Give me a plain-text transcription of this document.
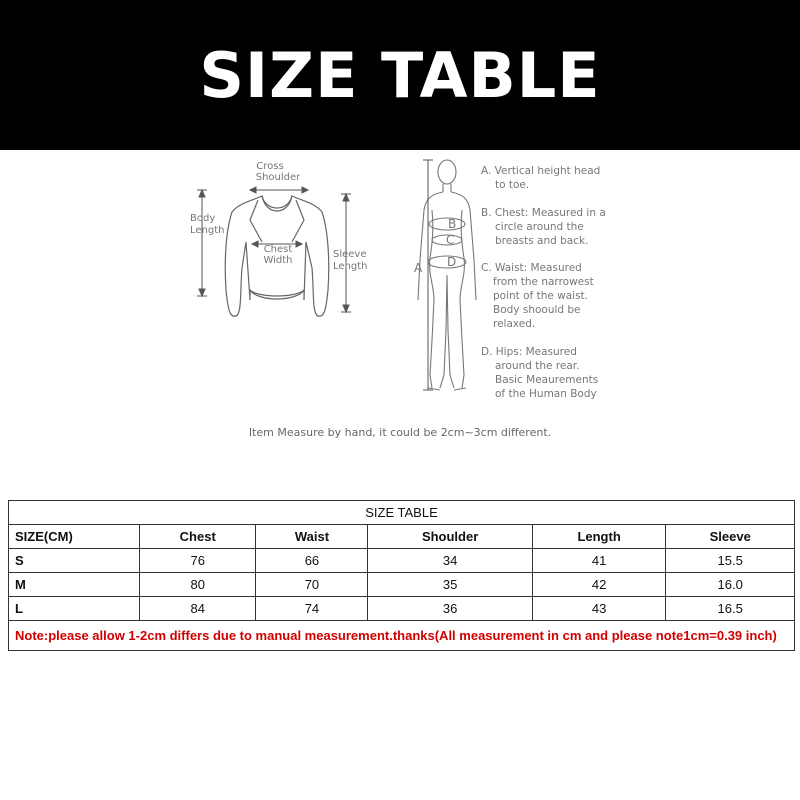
SIZE TABLE
Cross
Shoulder
Body
Length
Chest
Width
Sleeve
Length
B
C
A D
A. Vertical height head
to toe.
B. Chest: Measured in a
circle around the
breasts and back.
C. Waist: Measured
from the narrowest
point of the waist.
Body shoould be
relaxed.
D. Hips: Measured
around the rear.
Basic Meaurements
of the Human Body
Item Measure by hand, it could be 2cm~3cm different.
SIZE TABLE					
SIZE(CM)	Chest	Waist	Shoulder	Length	Sleeve
S	76	66	34	41	15.5
M	80	70	35	42	16.0
L	84	74	36	43	16.5
Note:please allow 1-2cm differs due to manual measurement.thanks(All measurement in cm and please note1cm=0.39 inch)					
